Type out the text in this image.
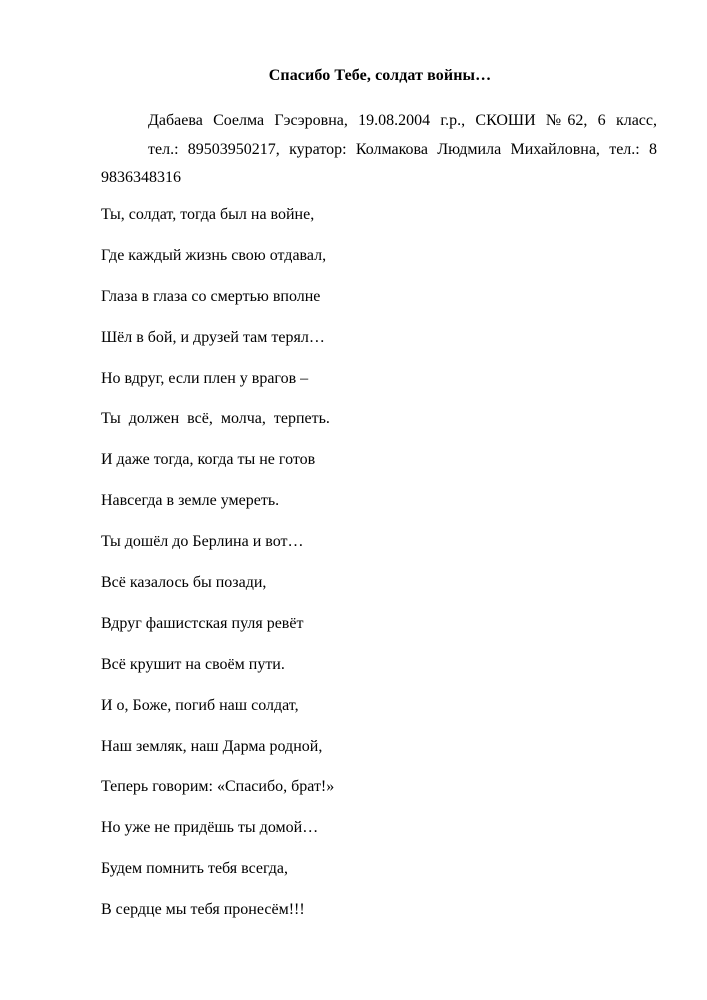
Спасибо Тебе, солдат войны…
Дабаева Соелма Гэсэровна, 19.08.2004 г.р., СКОШИ №62, 6 класс,
тел.: 89503950217, куратор: Колмакова Людмила Михайловна, тел.: 8
9836348316
Ты, солдат, тогда был на войне,
Где каждый жизнь свою отдавал,
Глаза в глаза со смертью вполне
Шёл в бой, и друзей там терял…
Но вдруг, если плен у врагов –
Ты  должен  всё,  молча,  терпеть.
И даже тогда, когда ты не готов
Навсегда в земле умереть.
Ты дошёл до Берлина и вот…
Всё казалось бы позади,
Вдруг фашистская пуля ревёт
Всё крушит на своём пути.
И о, Боже, погиб наш солдат,
Наш земляк, наш Дарма родной,
Теперь говорим: «Спасибо, брат!»
Но уже не придёшь ты домой…
Будем помнить тебя всегда,
В сердце мы тебя пронесём!!!
